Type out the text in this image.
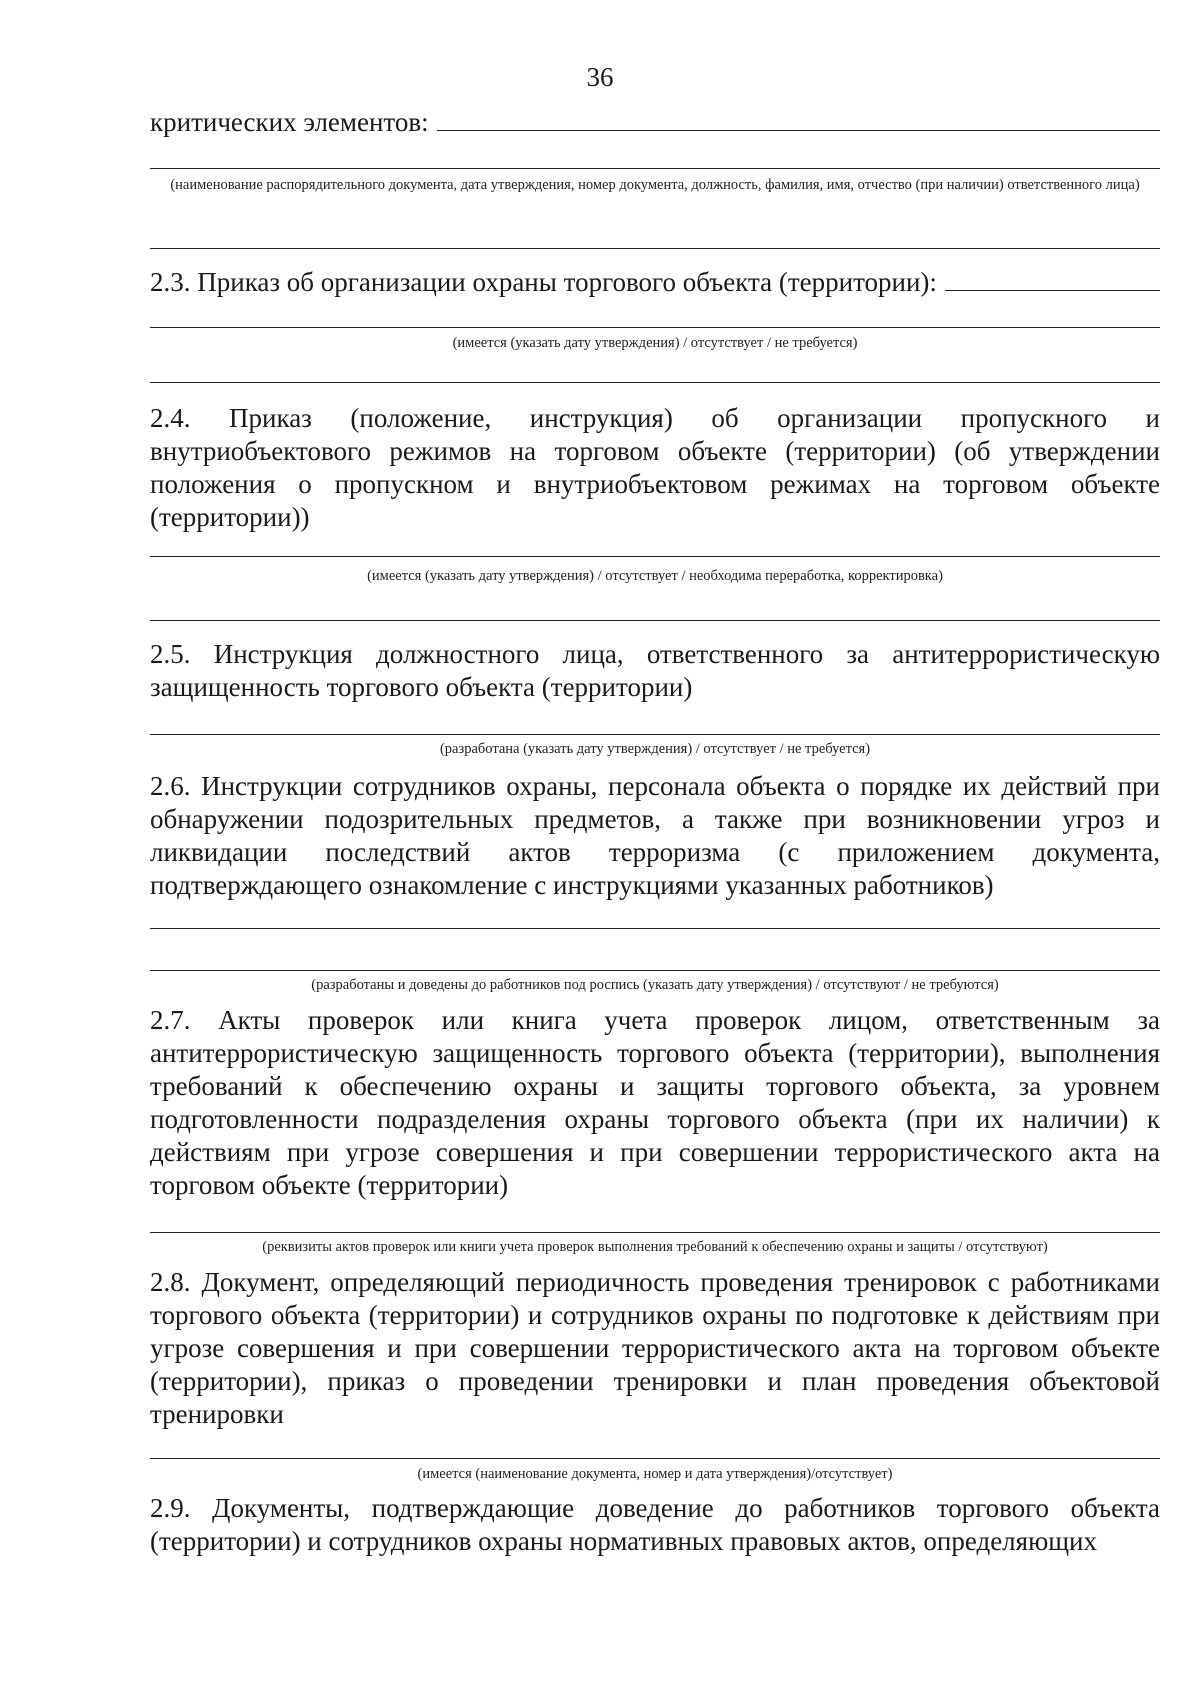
36
критических элементов:

(наименование распорядительного документа, дата утверждения, номер документа, должность, фамилия, имя, отчество (при наличии) ответственного лица)

2.3. Приказ об организации охраны торгового объекта (территории):

(имеется (указать дату утверждения) / отсутствует / не требуется)

2.4. Приказ (положение, инструкция) об организации пропускного и внутриобъектового режимов на торговом объекте (территории) (об утверждении положения о пропускном и внутриобъектовом режимах на торговом объекте (территории))

(имеется (указать дату утверждения) / отсутствует / необходима переработка, корректировка)

2.5. Инструкция должностного лица, ответственного за антитеррористическую защищенность торгового объекта (территории)

(разработана (указать дату утверждения) / отсутствует / не требуется)

2.6. Инструкции сотрудников охраны, персонала объекта о порядке их действий при обнаружении подозрительных предметов, а также при возникновении угроз и ликвидации последствий актов терроризма (с приложением документа, подтверждающего ознакомление с инструкциями указанных работников)

(разработаны и доведены до работников под роспись (указать дату утверждения) / отсутствуют / не требуются)

2.7. Акты проверок или книга учета проверок лицом, ответственным за антитеррористическую защищенность торгового объекта (территории), выполнения требований к обеспечению охраны и защиты торгового объекта, за уровнем подготовленности подразделения охраны торгового объекта (при их наличии) к действиям при угрозе совершения и при совершении террористического акта на торговом объекте (территории)

(реквизиты актов проверок или книги учета проверок выполнения требований к обеспечению охраны и защиты / отсутствуют)

2.8. Документ, определяющий периодичность проведения тренировок с работниками торгового объекта (территории) и сотрудников охраны по подготовке к действиям при угрозе совершения и при совершении террористического акта на торговом объекте (территории), приказ о проведении тренировки и план проведения объектовой тренировки

(имеется (наименование документа, номер и дата утверждения)/отсутствует)

2.9. Документы, подтверждающие доведение до работников торгового объекта (территории) и сотрудников охраны нормативных правовых актов, определяющих
